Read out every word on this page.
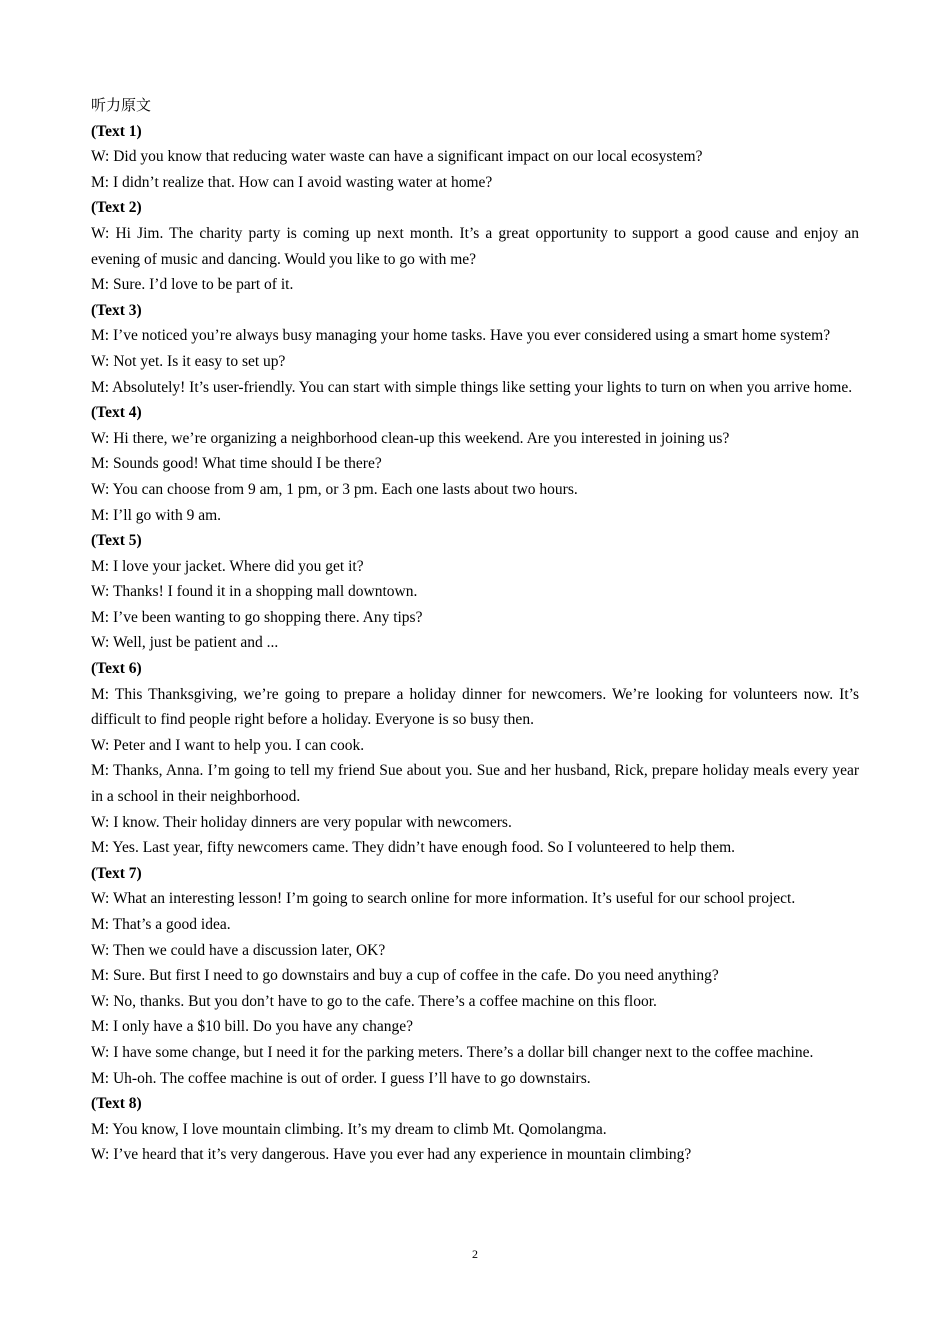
听力原文
(Text 1)
W: Did you know that reducing water waste can have a significant impact on our local ecosystem?
M: I didn’t realize that. How can I avoid wasting water at home?
(Text 2)
W: Hi Jim. The charity party is coming up next month. It’s a great opportunity to support a good cause and enjoy an evening of music and dancing. Would you like to go with me?
M: Sure. I’d love to be part of it.
(Text 3)
M: I’ve noticed you’re always busy managing your home tasks. Have you ever considered using a smart home system?
W: Not yet. Is it easy to set up?
M: Absolutely! It’s user-friendly. You can start with simple things like setting your lights to turn on when you arrive home.
(Text 4)
W: Hi there, we’re organizing a neighborhood clean-up this weekend. Are you interested in joining us?
M: Sounds good! What time should I be there?
W: You can choose from 9 am, 1 pm, or 3 pm. Each one lasts about two hours.
M: I’ll go with 9 am.
(Text 5)
M: I love your jacket. Where did you get it?
W: Thanks! I found it in a shopping mall downtown.
M: I’ve been wanting to go shopping there. Any tips?
W: Well, just be patient and ...
(Text 6)
M: This Thanksgiving, we’re going to prepare a holiday dinner for newcomers. We’re looking for volunteers now. It’s difficult to find people right before a holiday. Everyone is so busy then.
W: Peter and I want to help you. I can cook.
M: Thanks, Anna. I’m going to tell my friend Sue about you. Sue and her husband, Rick, prepare holiday meals every year in a school in their neighborhood.
W: I know. Their holiday dinners are very popular with newcomers.
M: Yes. Last year, fifty newcomers came. They didn’t have enough food. So I volunteered to help them.
(Text 7)
W: What an interesting lesson! I’m going to search online for more information. It’s useful for our school project.
M: That’s a good idea.
W: Then we could have a discussion later, OK?
M: Sure. But first I need to go downstairs and buy a cup of coffee in the cafe. Do you need anything?
W: No, thanks. But you don’t have to go to the cafe. There’s a coffee machine on this floor.
M: I only have a $10 bill. Do you have any change?
W: I have some change, but I need it for the parking meters. There’s a dollar bill changer next to the coffee machine.
M: Uh-oh. The coffee machine is out of order. I guess I’ll have to go downstairs.
(Text 8)
M: You know, I love mountain climbing. It’s my dream to climb Mt. Qomolangma.
W: I’ve heard that it’s very dangerous. Have you ever had any experience in mountain climbing?
2
